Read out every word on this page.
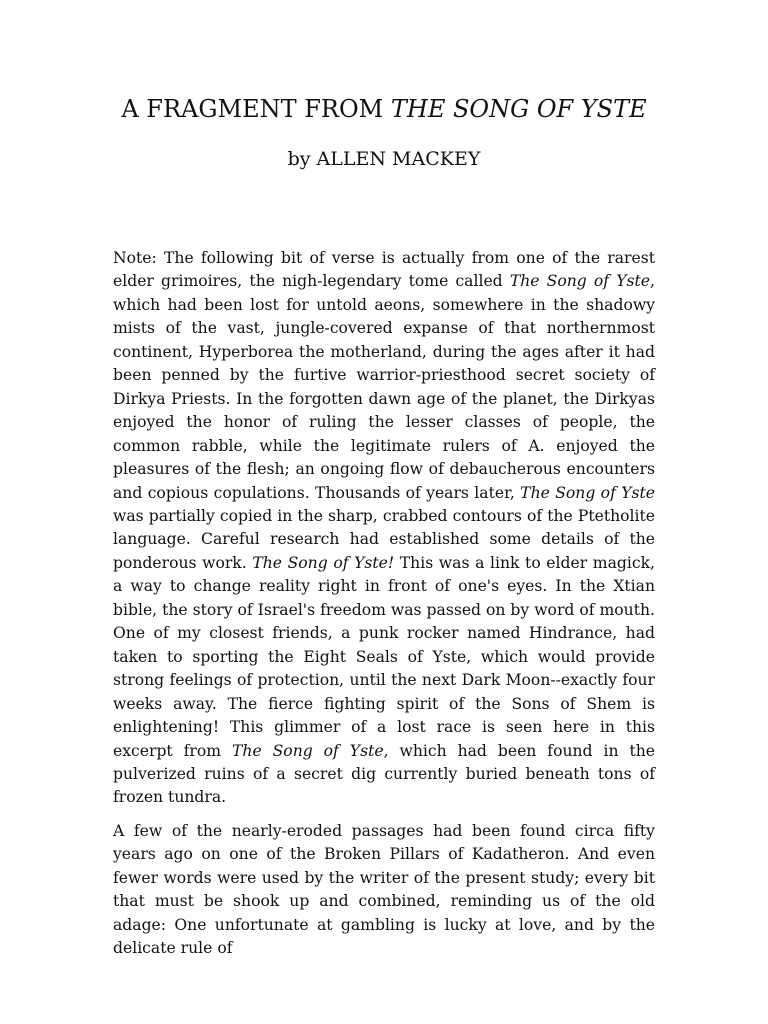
A FRAGMENT FROM THE SONG OF YSTE

by ALLEN MACKEY

Note: The following bit of verse is actually from one of the rarest elder grimoires, the nigh-legendary tome called The Song of Yste, which had been lost for untold aeons, somewhere in the shadowy mists of the vast, jungle-covered expanse of that northernmost continent, Hyperborea the motherland, during the ages after it had been penned by the furtive warrior-priesthood secret society of Dirkya Priests. In the forgotten dawn age of the planet, the Dirkyas enjoyed the honor of ruling the lesser classes of people, the common rabble, while the legitimate rulers of A. enjoyed the pleasures of the flesh; an ongoing flow of debaucherous encounters and copious copulations. Thousands of years later, The Song of Yste was partially copied in the sharp, crabbed contours of the Ptetholite language. Careful research had established some details of the ponderous work. The Song of Yste! This was a link to elder magick, a way to change reality right in front of one's eyes. In the Xtian bible, the story of Israel's freedom was passed on by word of mouth. One of my closest friends, a punk rocker named Hindrance, had taken to sporting the Eight Seals of Yste, which would provide strong feelings of protection, until the next Dark Moon--exactly four weeks away. The fierce fighting spirit of the Sons of Shem is enlightening! This glimmer of a lost race is seen here in this excerpt from The Song of Yste, which had been found in the pulverized ruins of a secret dig currently buried beneath tons of frozen tundra.

A few of the nearly-eroded passages had been found circa fifty years ago on one of the Broken Pillars of Kadatheron. And even fewer words were used by the writer of the present study; every bit that must be shook up and combined, reminding us of the old adage: One unfortunate at gambling is lucky at love, and by the delicate rule of
